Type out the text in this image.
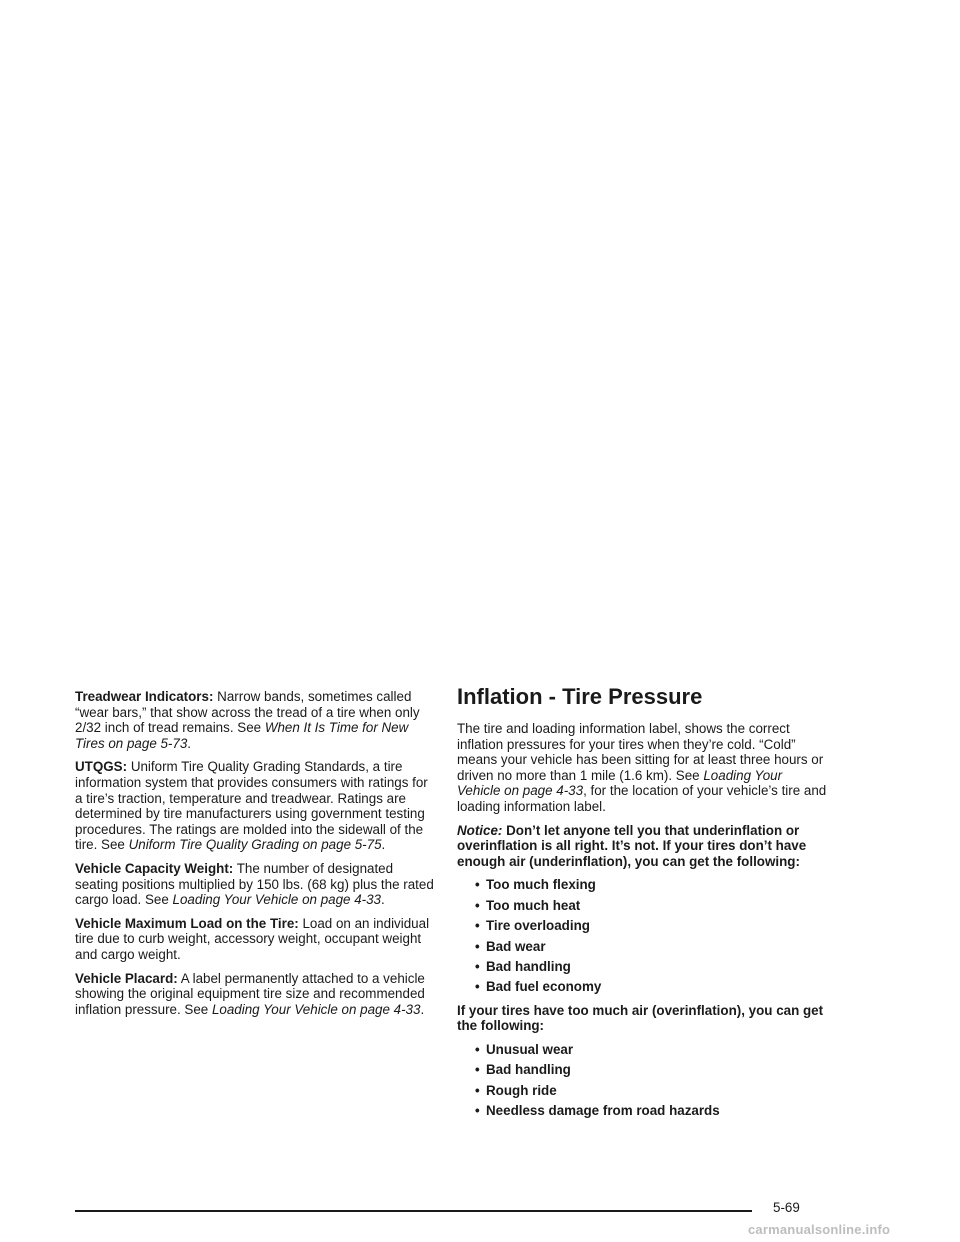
Treadwear Indicators: Narrow bands, sometimes called “wear bars,” that show across the tread of a tire when only 2/32 inch of tread remains. See When It Is Time for New Tires on page 5-73.

UTQGS: Uniform Tire Quality Grading Standards, a tire information system that provides consumers with ratings for a tire’s traction, temperature and treadwear. Ratings are determined by tire manufacturers using government testing procedures. The ratings are molded into the sidewall of the tire. See Uniform Tire Quality Grading on page 5-75.

Vehicle Capacity Weight: The number of designated seating positions multiplied by 150 lbs. (68 kg) plus the rated cargo load. See Loading Your Vehicle on page 4-33.

Vehicle Maximum Load on the Tire: Load on an individual tire due to curb weight, accessory weight, occupant weight and cargo weight.

Vehicle Placard: A label permanently attached to a vehicle showing the original equipment tire size and recommended inflation pressure. See Loading Your Vehicle on page 4-33.

Inflation - Tire Pressure

The tire and loading information label, shows the correct inflation pressures for your tires when they’re cold. “Cold” means your vehicle has been sitting for at least three hours or driven no more than 1 mile (1.6 km). See Loading Your Vehicle on page 4-33, for the location of your vehicle’s tire and loading information label.

Notice: Don’t let anyone tell you that underinflation or overinflation is all right. It’s not. If your tires don’t have enough air (underinflation), you can get the following:

• Too much flexing
• Too much heat
• Tire overloading
• Bad wear
• Bad handling
• Bad fuel economy

If your tires have too much air (overinflation), you can get the following:

• Unusual wear
• Bad handling
• Rough ride
• Needless damage from road hazards
5-69
carmanualsonline.info
